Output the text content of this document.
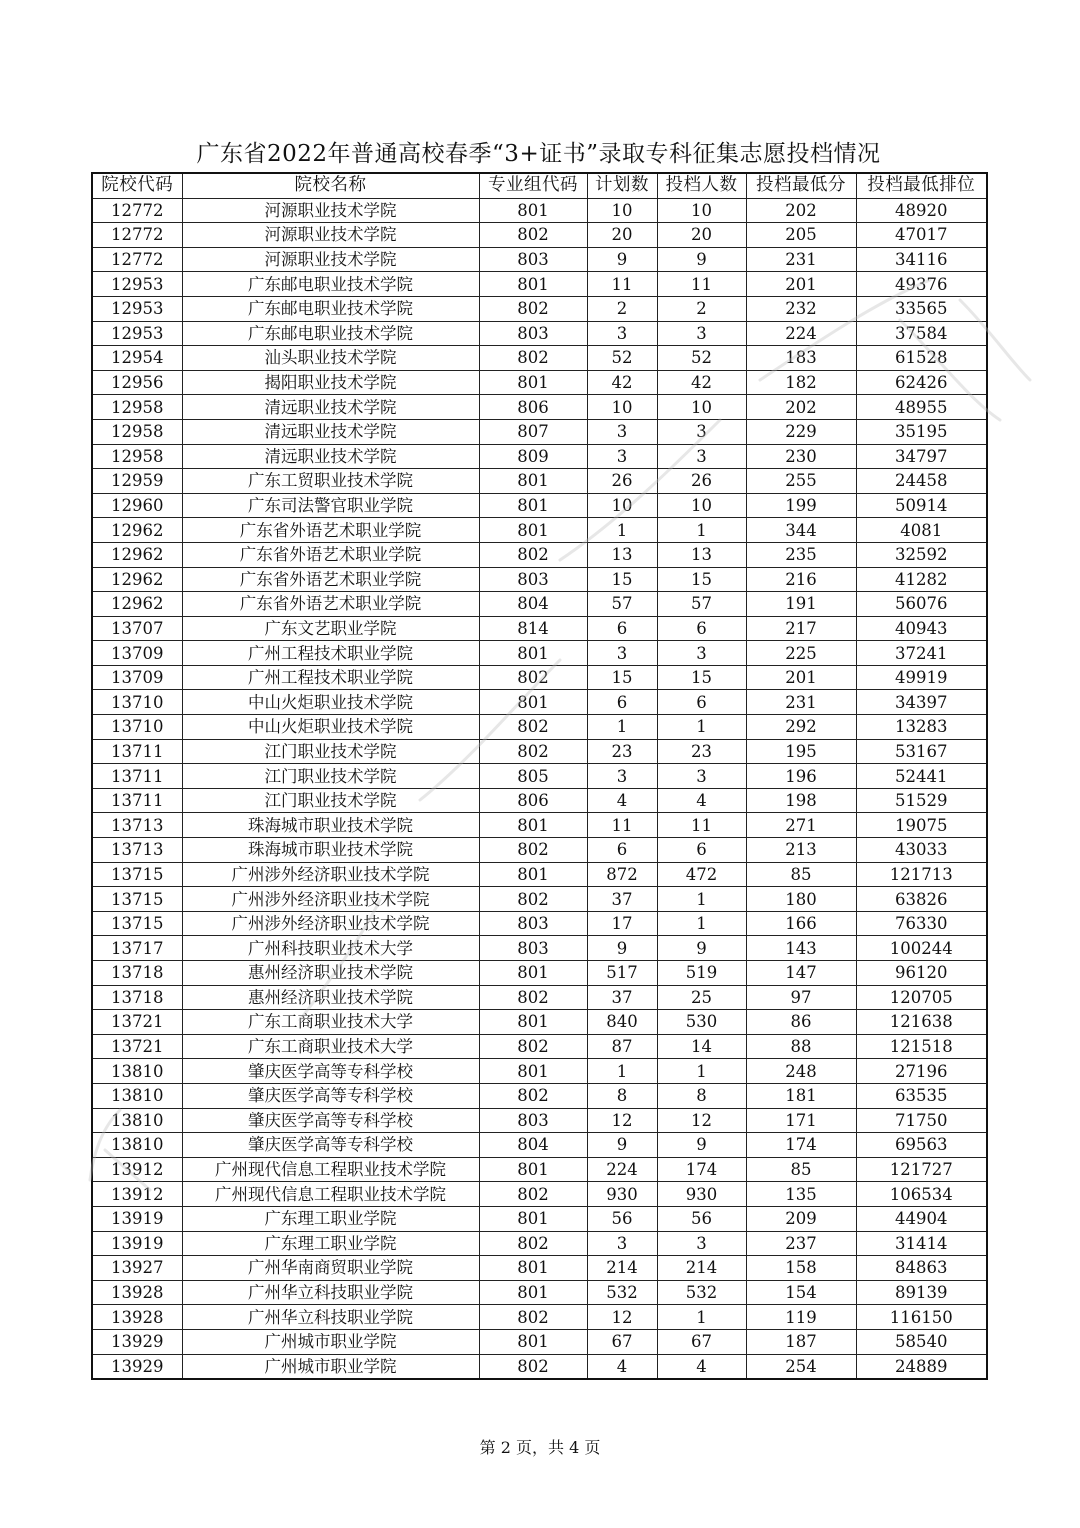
广东省2022年普通高校春季“3+证书”录取专科征集志愿投档情况
院校代码	院校名称	专业组代码	计划数	投档人数	投档最低分	投档最低排位
12772	河源职业技术学院	801	10	10	202	48920
12772	河源职业技术学院	802	20	20	205	47017
12772	河源职业技术学院	803	9	9	231	34116
12953	广东邮电职业技术学院	801	11	11	201	49376
12953	广东邮电职业技术学院	802	2	2	232	33565
12953	广东邮电职业技术学院	803	3	3	224	37584
12954	汕头职业技术学院	802	52	52	183	61528
12956	揭阳职业技术学院	801	42	42	182	62426
12958	清远职业技术学院	806	10	10	202	48955
12958	清远职业技术学院	807	3	3	229	35195
12958	清远职业技术学院	809	3	3	230	34797
12959	广东工贸职业技术学院	801	26	26	255	24458
12960	广东司法警官职业学院	801	10	10	199	50914
12962	广东省外语艺术职业学院	801	1	1	344	4081
12962	广东省外语艺术职业学院	802	13	13	235	32592
12962	广东省外语艺术职业学院	803	15	15	216	41282
12962	广东省外语艺术职业学院	804	57	57	191	56076
13707	广东文艺职业学院	814	6	6	217	40943
13709	广州工程技术职业学院	801	3	3	225	37241
13709	广州工程技术职业学院	802	15	15	201	49919
13710	中山火炬职业技术学院	801	6	6	231	34397
13710	中山火炬职业技术学院	802	1	1	292	13283
13711	江门职业技术学院	802	23	23	195	53167
13711	江门职业技术学院	805	3	3	196	52441
13711	江门职业技术学院	806	4	4	198	51529
13713	珠海城市职业技术学院	801	11	11	271	19075
13713	珠海城市职业技术学院	802	6	6	213	43033
13715	广州涉外经济职业技术学院	801	872	472	85	121713
13715	广州涉外经济职业技术学院	802	37	1	180	63826
13715	广州涉外经济职业技术学院	803	17	1	166	76330
13717	广州科技职业技术大学	803	9	9	143	100244
13718	惠州经济职业技术学院	801	517	519	147	96120
13718	惠州经济职业技术学院	802	37	25	97	120705
13721	广东工商职业技术大学	801	840	530	86	121638
13721	广东工商职业技术大学	802	87	14	88	121518
13810	肇庆医学高等专科学校	801	1	1	248	27196
13810	肇庆医学高等专科学校	802	8	8	181	63535
13810	肇庆医学高等专科学校	803	12	12	171	71750
13810	肇庆医学高等专科学校	804	9	9	174	69563
13912	广州现代信息工程职业技术学院	801	224	174	85	121727
13912	广州现代信息工程职业技术学院	802	930	930	135	106534
13919	广东理工职业学院	801	56	56	209	44904
13919	广东理工职业学院	802	3	3	237	31414
13927	广州华南商贸职业学院	801	214	214	158	84863
13928	广州华立科技职业学院	801	532	532	154	89139
13928	广州华立科技职业学院	802	12	1	119	116150
13929	广州城市职业学院	801	67	67	187	58540
13929	广州城市职业学院	802	4	4	254	24889
第 2 页，共 4 页
